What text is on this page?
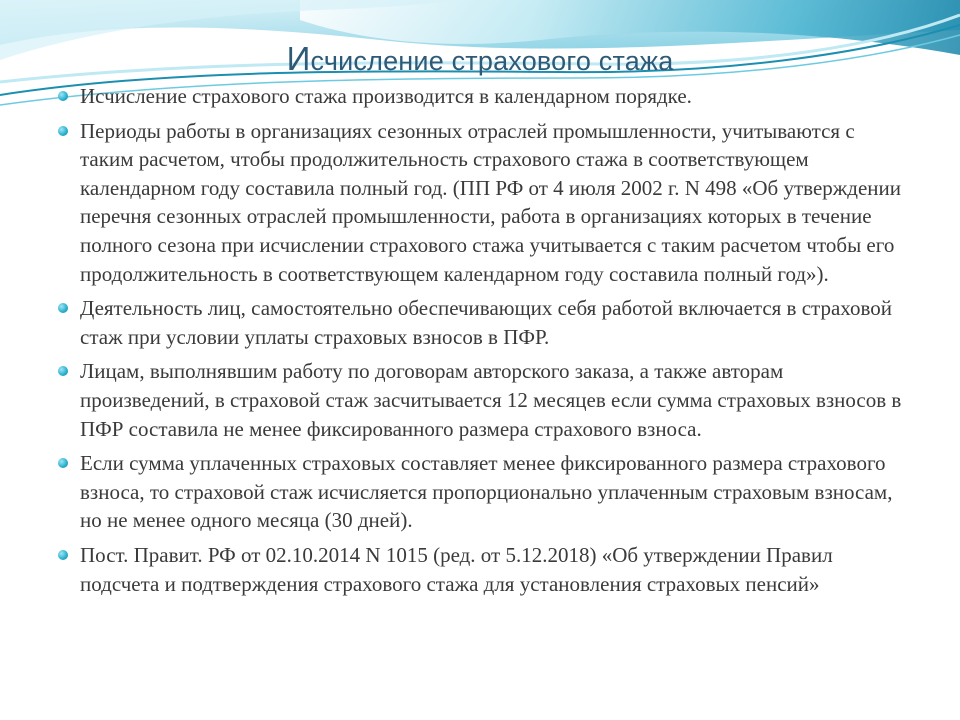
Исчисление страхового стажа
Исчисление страхового стажа производится в календарном порядке.
Периоды работы в организациях сезонных отраслей промышленности, учитываются с таким расчетом, чтобы продолжительность страхового стажа в соответствующем календарном году составила полный год. (ПП РФ от 4 июля 2002 г. N 498 «Об утверждении перечня сезонных отраслей промышленности, работа в организациях которых в течение полного сезона при исчислении страхового стажа учитывается с таким расчетом чтобы его продолжительность в соответствующем календарном году составила полный год»).
Деятельность лиц, самостоятельно обеспечивающих себя работой включается в страховой стаж при условии уплаты страховых взносов в ПФР.
Лицам, выполнявшим работу по договорам авторского заказа, а также авторам произведений, в страховой стаж засчитывается 12 месяцев если сумма страховых взносов в ПФР составила не менее фиксированного размера страхового взноса.
Если сумма уплаченных страховых составляет менее фиксированного размера страхового взноса, то страховой стаж исчисляется пропорционально уплаченным страховым взносам, но не менее одного месяца (30 дней).
Пост. Правит. РФ от 02.10.2014 N 1015 (ред. от 5.12.2018) «Об утверждении Правил подсчета и подтверждения страхового стажа для установления страховых пенсий»
